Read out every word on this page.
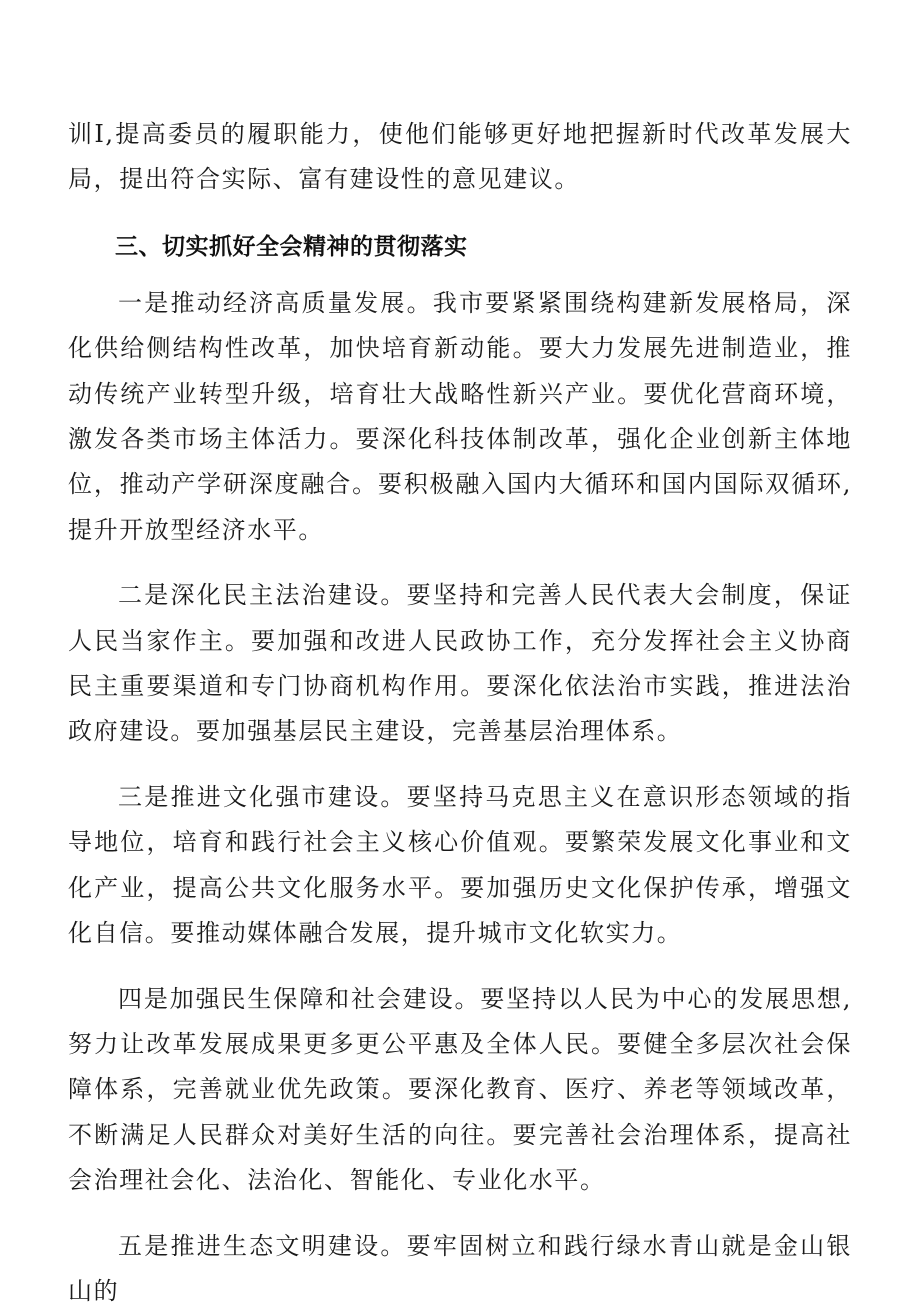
训I,提高委员的履职能力，使他们能够更好地把握新时代改革发展大局，提出符合实际、富有建设性的意见建议。

三、切实抓好全会精神的贯彻落实

一是推动经济高质量发展。我市要紧紧围绕构建新发展格局，深化供给侧结构性改革，加快培育新动能。要大力发展先进制造业，推动传统产业转型升级，培育壮大战略性新兴产业。要优化营商环境，激发各类市场主体活力。要深化科技体制改革，强化企业创新主体地位，推动产学研深度融合。要积极融入国内大循环和国内国际双循环,提升开放型经济水平。

二是深化民主法治建设。要坚持和完善人民代表大会制度，保证人民当家作主。要加强和改进人民政协工作，充分发挥社会主义协商民主重要渠道和专门协商机构作用。要深化依法治市实践，推进法治政府建设。要加强基层民主建设，完善基层治理体系。

三是推进文化强市建设。要坚持马克思主义在意识形态领域的指导地位，培育和践行社会主义核心价值观。要繁荣发展文化事业和文化产业，提高公共文化服务水平。要加强历史文化保护传承，增强文化自信。要推动媒体融合发展，提升城市文化软实力。

四是加强民生保障和社会建设。要坚持以人民为中心的发展思想,努力让改革发展成果更多更公平惠及全体人民。要健全多层次社会保障体系，完善就业优先政策。要深化教育、医疗、养老等领域改革，不断满足人民群众对美好生活的向往。要完善社会治理体系，提高社会治理社会化、法治化、智能化、专业化水平。

五是推进生态文明建设。要牢固树立和践行绿水青山就是金山银山的
